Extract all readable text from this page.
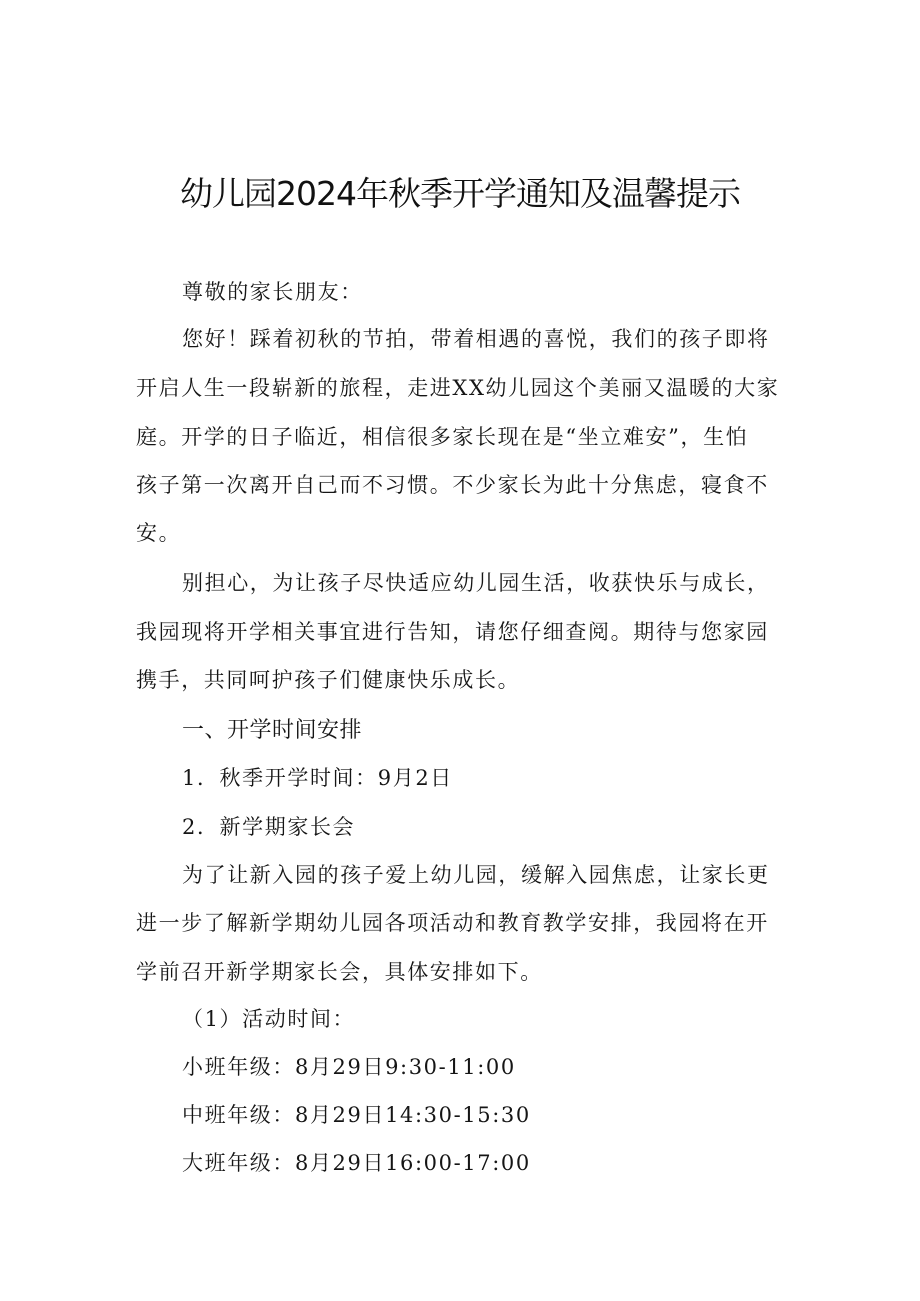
幼儿园2024年秋季开学通知及温馨提示
尊敬的家长朋友：
您好！踩着初秋的节拍，带着相遇的喜悦，我们的孩子即将
开启人生一段崭新的旅程，走进XX幼儿园这个美丽又温暖的大家
庭。开学的日子临近，相信很多家长现在是“坐立难安”，生怕
孩子第一次离开自己而不习惯。不少家长为此十分焦虑，寝食不
安。
别担心，为让孩子尽快适应幼儿园生活，收获快乐与成长，
我园现将开学相关事宜进行告知，请您仔细查阅。期待与您家园
携手，共同呵护孩子们健康快乐成长。
一、开学时间安排
1．秋季开学时间：9月2日
2．新学期家长会
为了让新入园的孩子爱上幼儿园，缓解入园焦虑，让家长更
进一步了解新学期幼儿园各项活动和教育教学安排，我园将在开
学前召开新学期家长会，具体安排如下。
（1）活动时间：
小班年级：8月29日9:30-11:00
中班年级：8月29日14:30-15:30
大班年级：8月29日16:00-17:00
